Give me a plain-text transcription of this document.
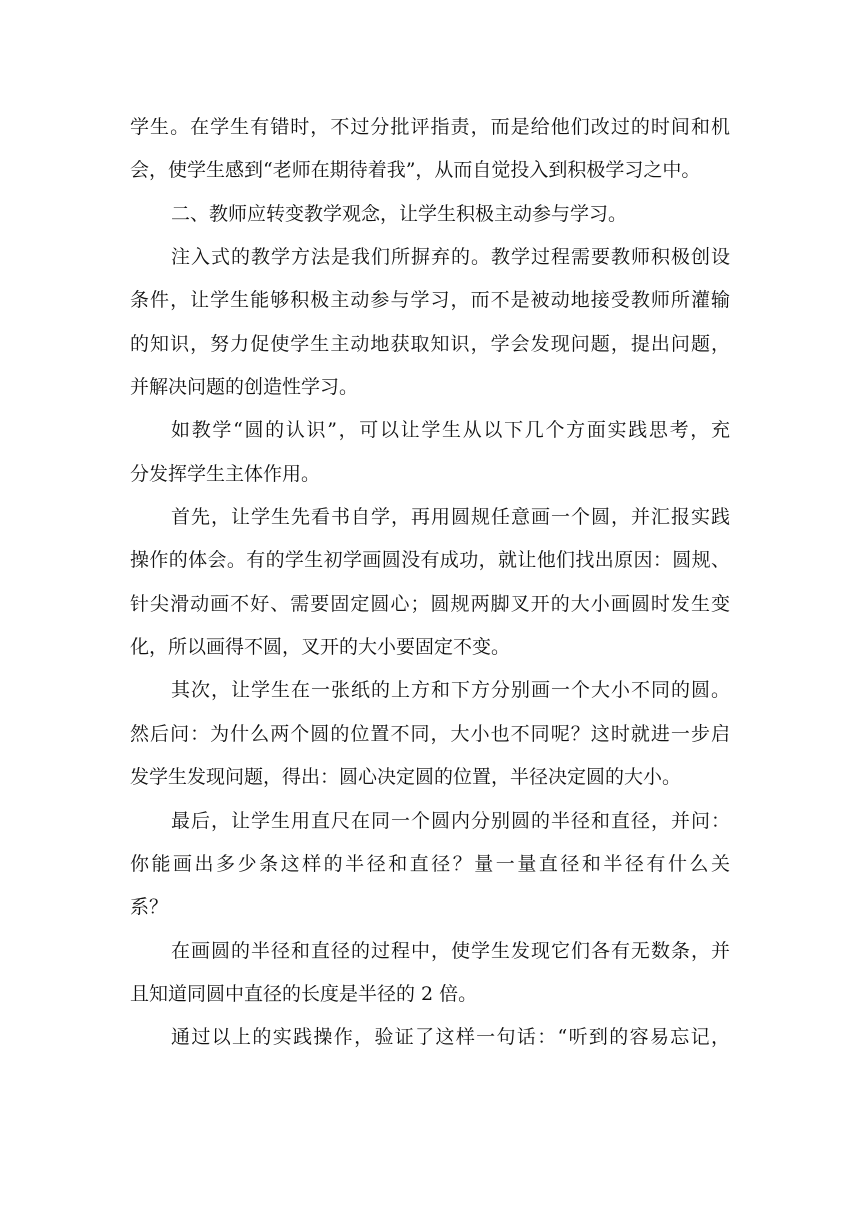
学生。在学生有错时，不过分批评指责，而是给他们改过的时间和机
会，使学生感到“老师在期待着我”，从而自觉投入到积极学习之中。
二、教师应转变教学观念，让学生积极主动参与学习。
注入式的教学方法是我们所摒弃的。教学过程需要教师积极创设
条件，让学生能够积极主动参与学习，而不是被动地接受教师所灌输
的知识，努力促使学生主动地获取知识，学会发现问题，提出问题，
并解决问题的创造性学习。
如教学“圆的认识”，可以让学生从以下几个方面实践思考，充
分发挥学生主体作用。
首先，让学生先看书自学，再用圆规任意画一个圆，并汇报实践
操作的体会。有的学生初学画圆没有成功，就让他们找出原因：圆规、
针尖滑动画不好、需要固定圆心；圆规两脚叉开的大小画圆时发生变
化，所以画得不圆，叉开的大小要固定不变。
其次，让学生在一张纸的上方和下方分别画一个大小不同的圆。
然后问：为什么两个圆的位置不同，大小也不同呢？这时就进一步启
发学生发现问题，得出：圆心决定圆的位置，半径决定圆的大小。
最后，让学生用直尺在同一个圆内分别圆的半径和直径，并问：
你能画出多少条这样的半径和直径？量一量直径和半径有什么关
系？
在画圆的半径和直径的过程中，使学生发现它们各有无数条，并
且知道同圆中直径的长度是半径的 2 倍。
通过以上的实践操作，验证了这样一句话：“听到的容易忘记，
